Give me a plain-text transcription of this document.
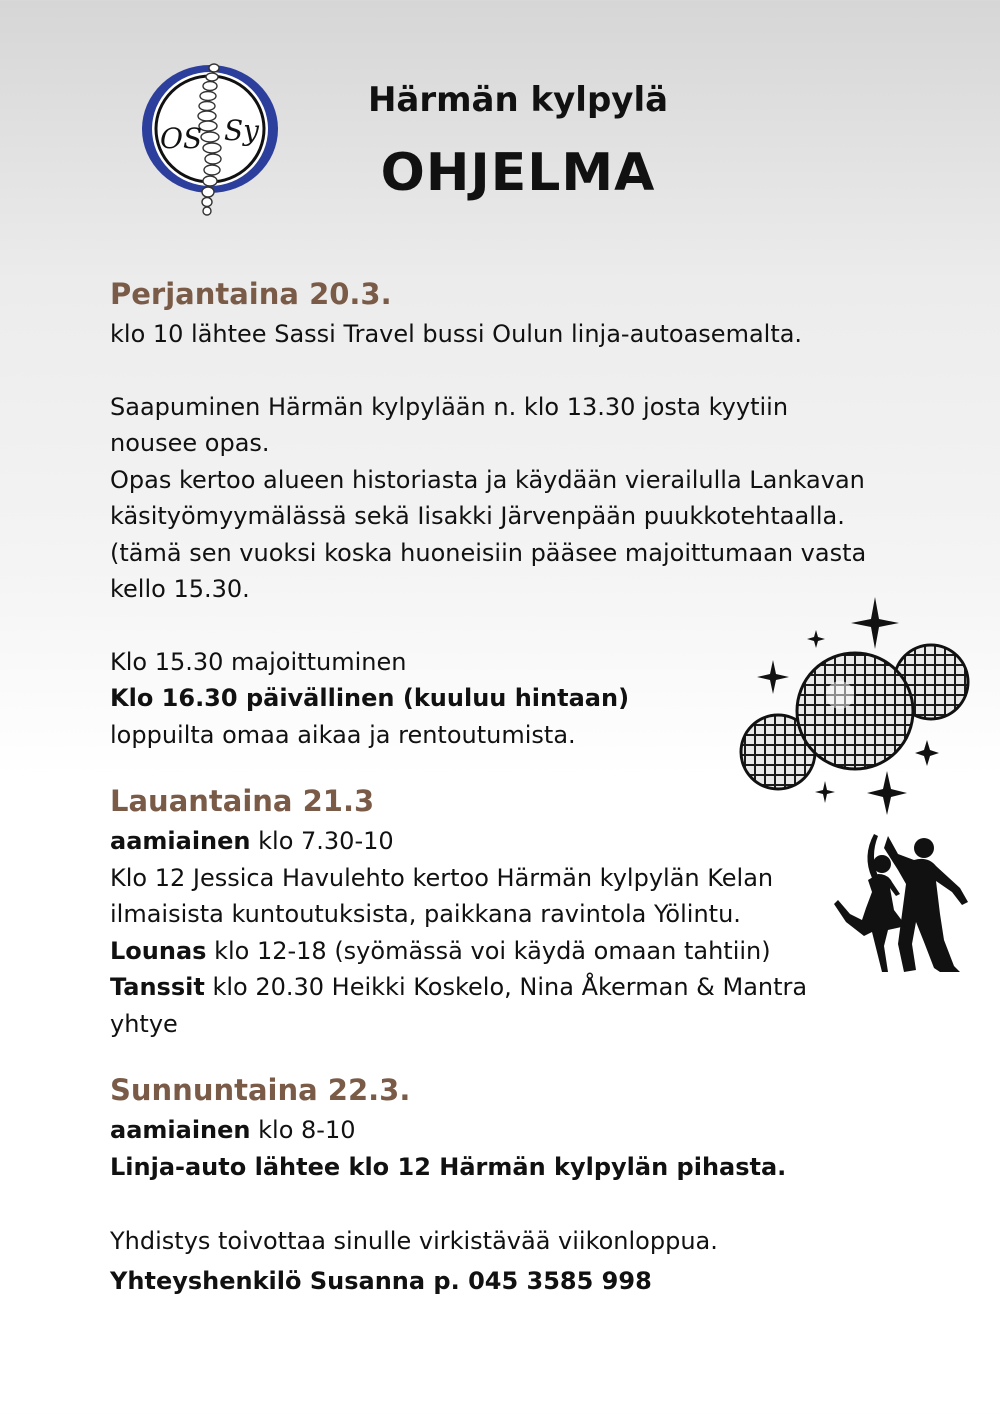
OS Sy
Härmän kylpylä
OHJELMA
Perjantaina 20.3.

klo 10 lähtee Sassi Travel bussi Oulun linja-autoasemalta.

Saapuminen Härmän kylpylään n. klo 13.30 josta kyytiin nousee opas.

Opas kertoo alueen historiasta ja käydään vierailulla Lankavan käsityömyymälässä sekä Iisakki Järvenpään puukkotehtaalla.

(tämä sen vuoksi koska huoneisiin pääsee majoittumaan vasta kello 15.30.

Klo 15.30 majoittuminen

Klo 16.30 päivällinen (kuuluu hintaan)

loppuilta omaa aikaa ja rentoutumista.

Lauantaina 21.3

aamiainen klo 7.30-10

Klo 12 Jessica Havulehto kertoo Härmän kylpylän Kelan ilmaisista kuntoutuksista, paikkana ravintola Yölintu.

Lounas klo 12-18 (syömässä voi käydä omaan tahtiin)

Tanssit klo 20.30 Heikki Koskelo, Nina Åkerman & Mantra yhtye

Sunnuntaina 22.3.

aamiainen klo 8-10

Linja-auto lähtee klo 12 Härmän kylpylän pihasta.

Yhdistys toivottaa sinulle virkistävää viikonloppua.

Yhteyshenkilö Susanna p. 045 3585 998
